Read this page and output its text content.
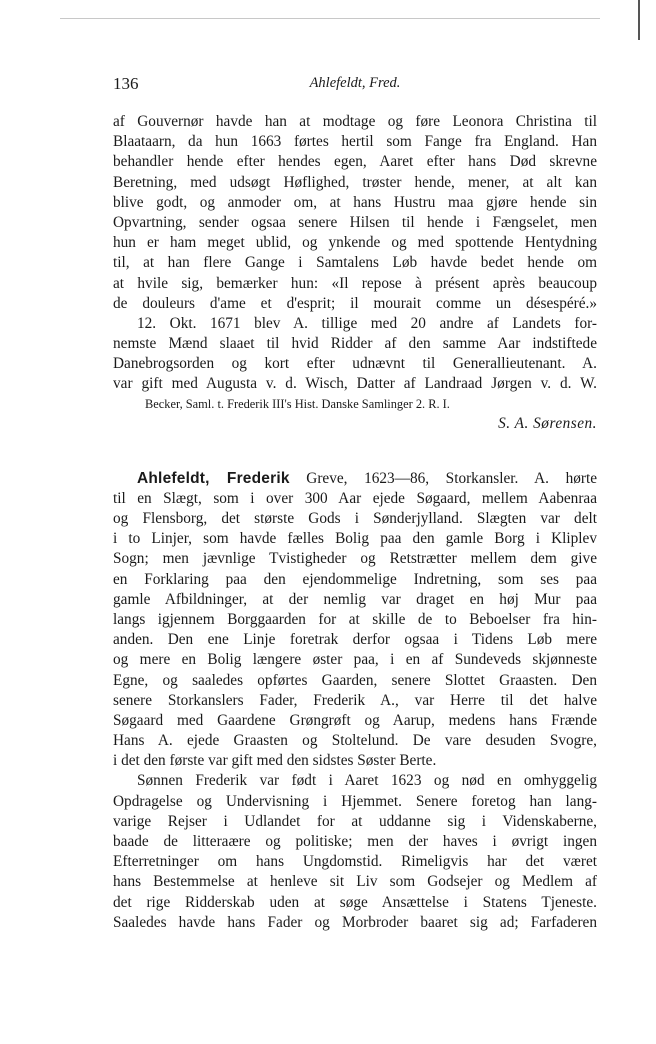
136	Ahlefeldt, Fred.
af Gouvernør havde han at modtage og føre Leonora Christina til
Blaataarn, da hun 1663 førtes hertil som Fange fra England. Han
behandler hende efter hendes egen, Aaret efter hans Død skrevne
Beretning, med udsøgt Høflighed, trøster hende, mener, at alt kan
blive godt, og anmoder om, at hans Hustru maa gjøre hende sin
Opvartning, sender ogsaa senere Hilsen til hende i Fængselet, men
hun er ham meget ublid, og ynkende og med spottende Hentydning
til, at han flere Gange i Samtalens Løb havde bedet hende om
at hvile sig, bemærker hun: «Il repose à présent après beaucoup
de douleurs d'ame et d'esprit; il mourait comme un désespéré.»
12. Okt. 1671 blev A. tillige med 20 andre af Landets for-
nemste Mænd slaaet til hvid Ridder af den samme Aar indstiftede
Danebrogsorden og kort efter udnævnt til Generallieutenant. A.
var gift med Augusta v. d. Wisch, Datter af Landraad Jørgen v. d. W.
Becker, Saml. t. Frederik III's Hist. Danske Samlinger 2. R. I.
S. A. Sørensen.
Ahlefeldt, Frederik Greve, 1623—86, Storkansler. A. hørte
til en Slægt, som i over 300 Aar ejede Søgaard, mellem Aabenraa
og Flensborg, det største Gods i Sønderjylland. Slægten var delt
i to Linjer, som havde fælles Bolig paa den gamle Borg i Kliplev
Sogn; men jævnlige Tvistigheder og Retstrætter mellem dem give
en Forklaring paa den ejendommelige Indretning, som ses paa
gamle Afbildninger, at der nemlig var draget en høj Mur paa
langs igjennem Borggaarden for at skille de to Beboelser fra hin-
anden. Den ene Linje foretrak derfor ogsaa i Tidens Løb mere
og mere en Bolig længere øster paa, i en af Sundeveds skjønneste
Egne, og saaledes opførtes Gaarden, senere Slottet Graasten. Den
senere Storkanslers Fader, Frederik A., var Herre til det halve
Søgaard med Gaardene Grøngrøft og Aarup, medens hans Frænde
Hans A. ejede Graasten og Stoltelund. De vare desuden Svogre,
i det den første var gift med den sidstes Søster Berte.
Sønnen Frederik var født i Aaret 1623 og nød en omhyggelig
Opdragelse og Undervisning i Hjemmet. Senere foretog han lang-
varige Rejser i Udlandet for at uddanne sig i Videnskaberne,
baade de litteraære og politiske; men der haves i øvrigt ingen
Efterretninger om hans Ungdomstid. Rimeligvis har det været
hans Bestemmelse at henleve sit Liv som Godsejer og Medlem af
det rige Ridderskab uden at søge Ansættelse i Statens Tjeneste.
Saaledes havde hans Fader og Morbroder baaret sig ad; Farfaderen
